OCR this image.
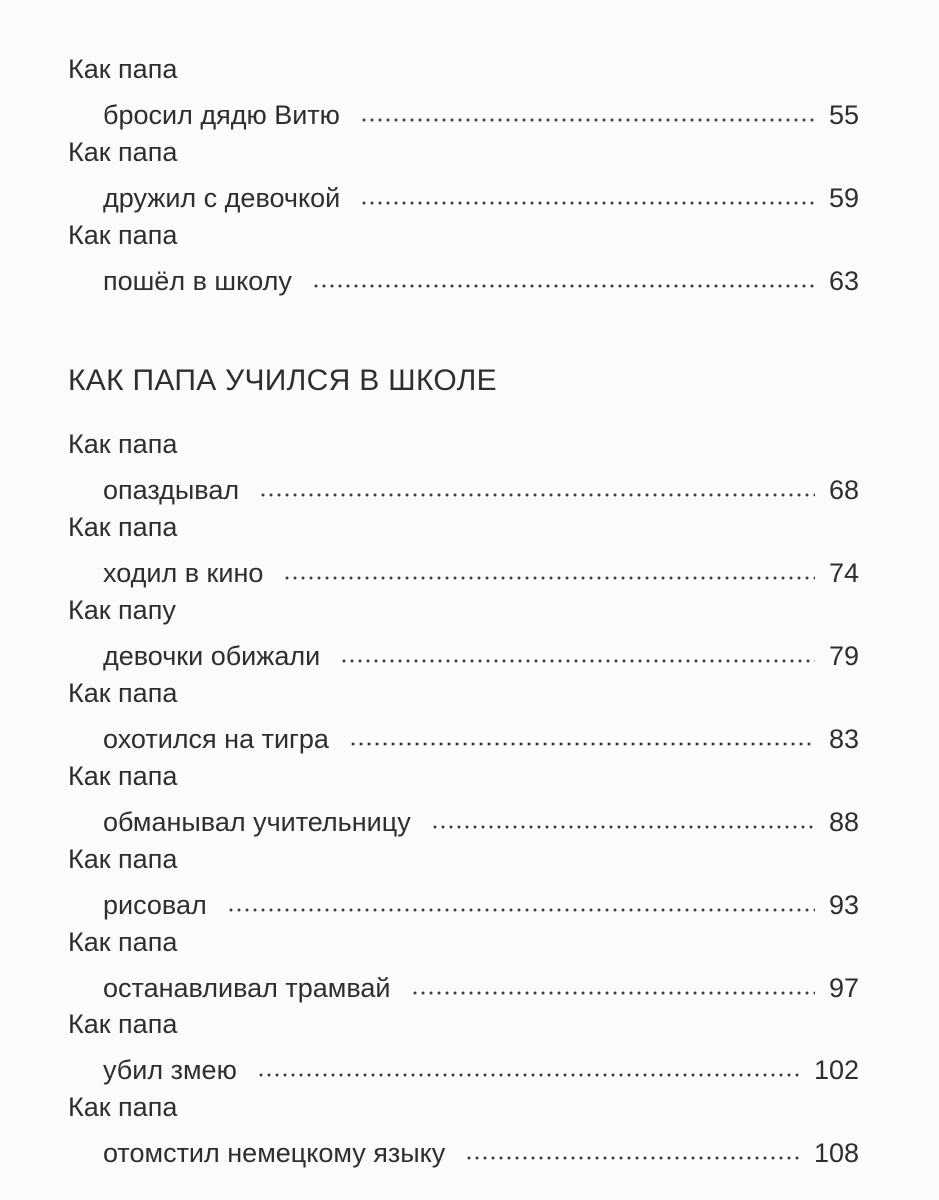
Как папа
бросил дядю Витю	55
Как папа
дружил с девочкой	59
Как папа
пошёл в школу	63
КАК ПАПА УЧИЛСЯ В ШКОЛЕ
Как папа
опаздывал	68
Как папа
ходил в кино	74
Как папу
девочки обижали	79
Как папа
охотился на тигра	83
Как папа
обманывал учительницу	88
Как папа
рисовал	93
Как папа
останавливал трамвай	97
Как папа
убил змею	102
Как папа
отомстил немецкому языку	108
